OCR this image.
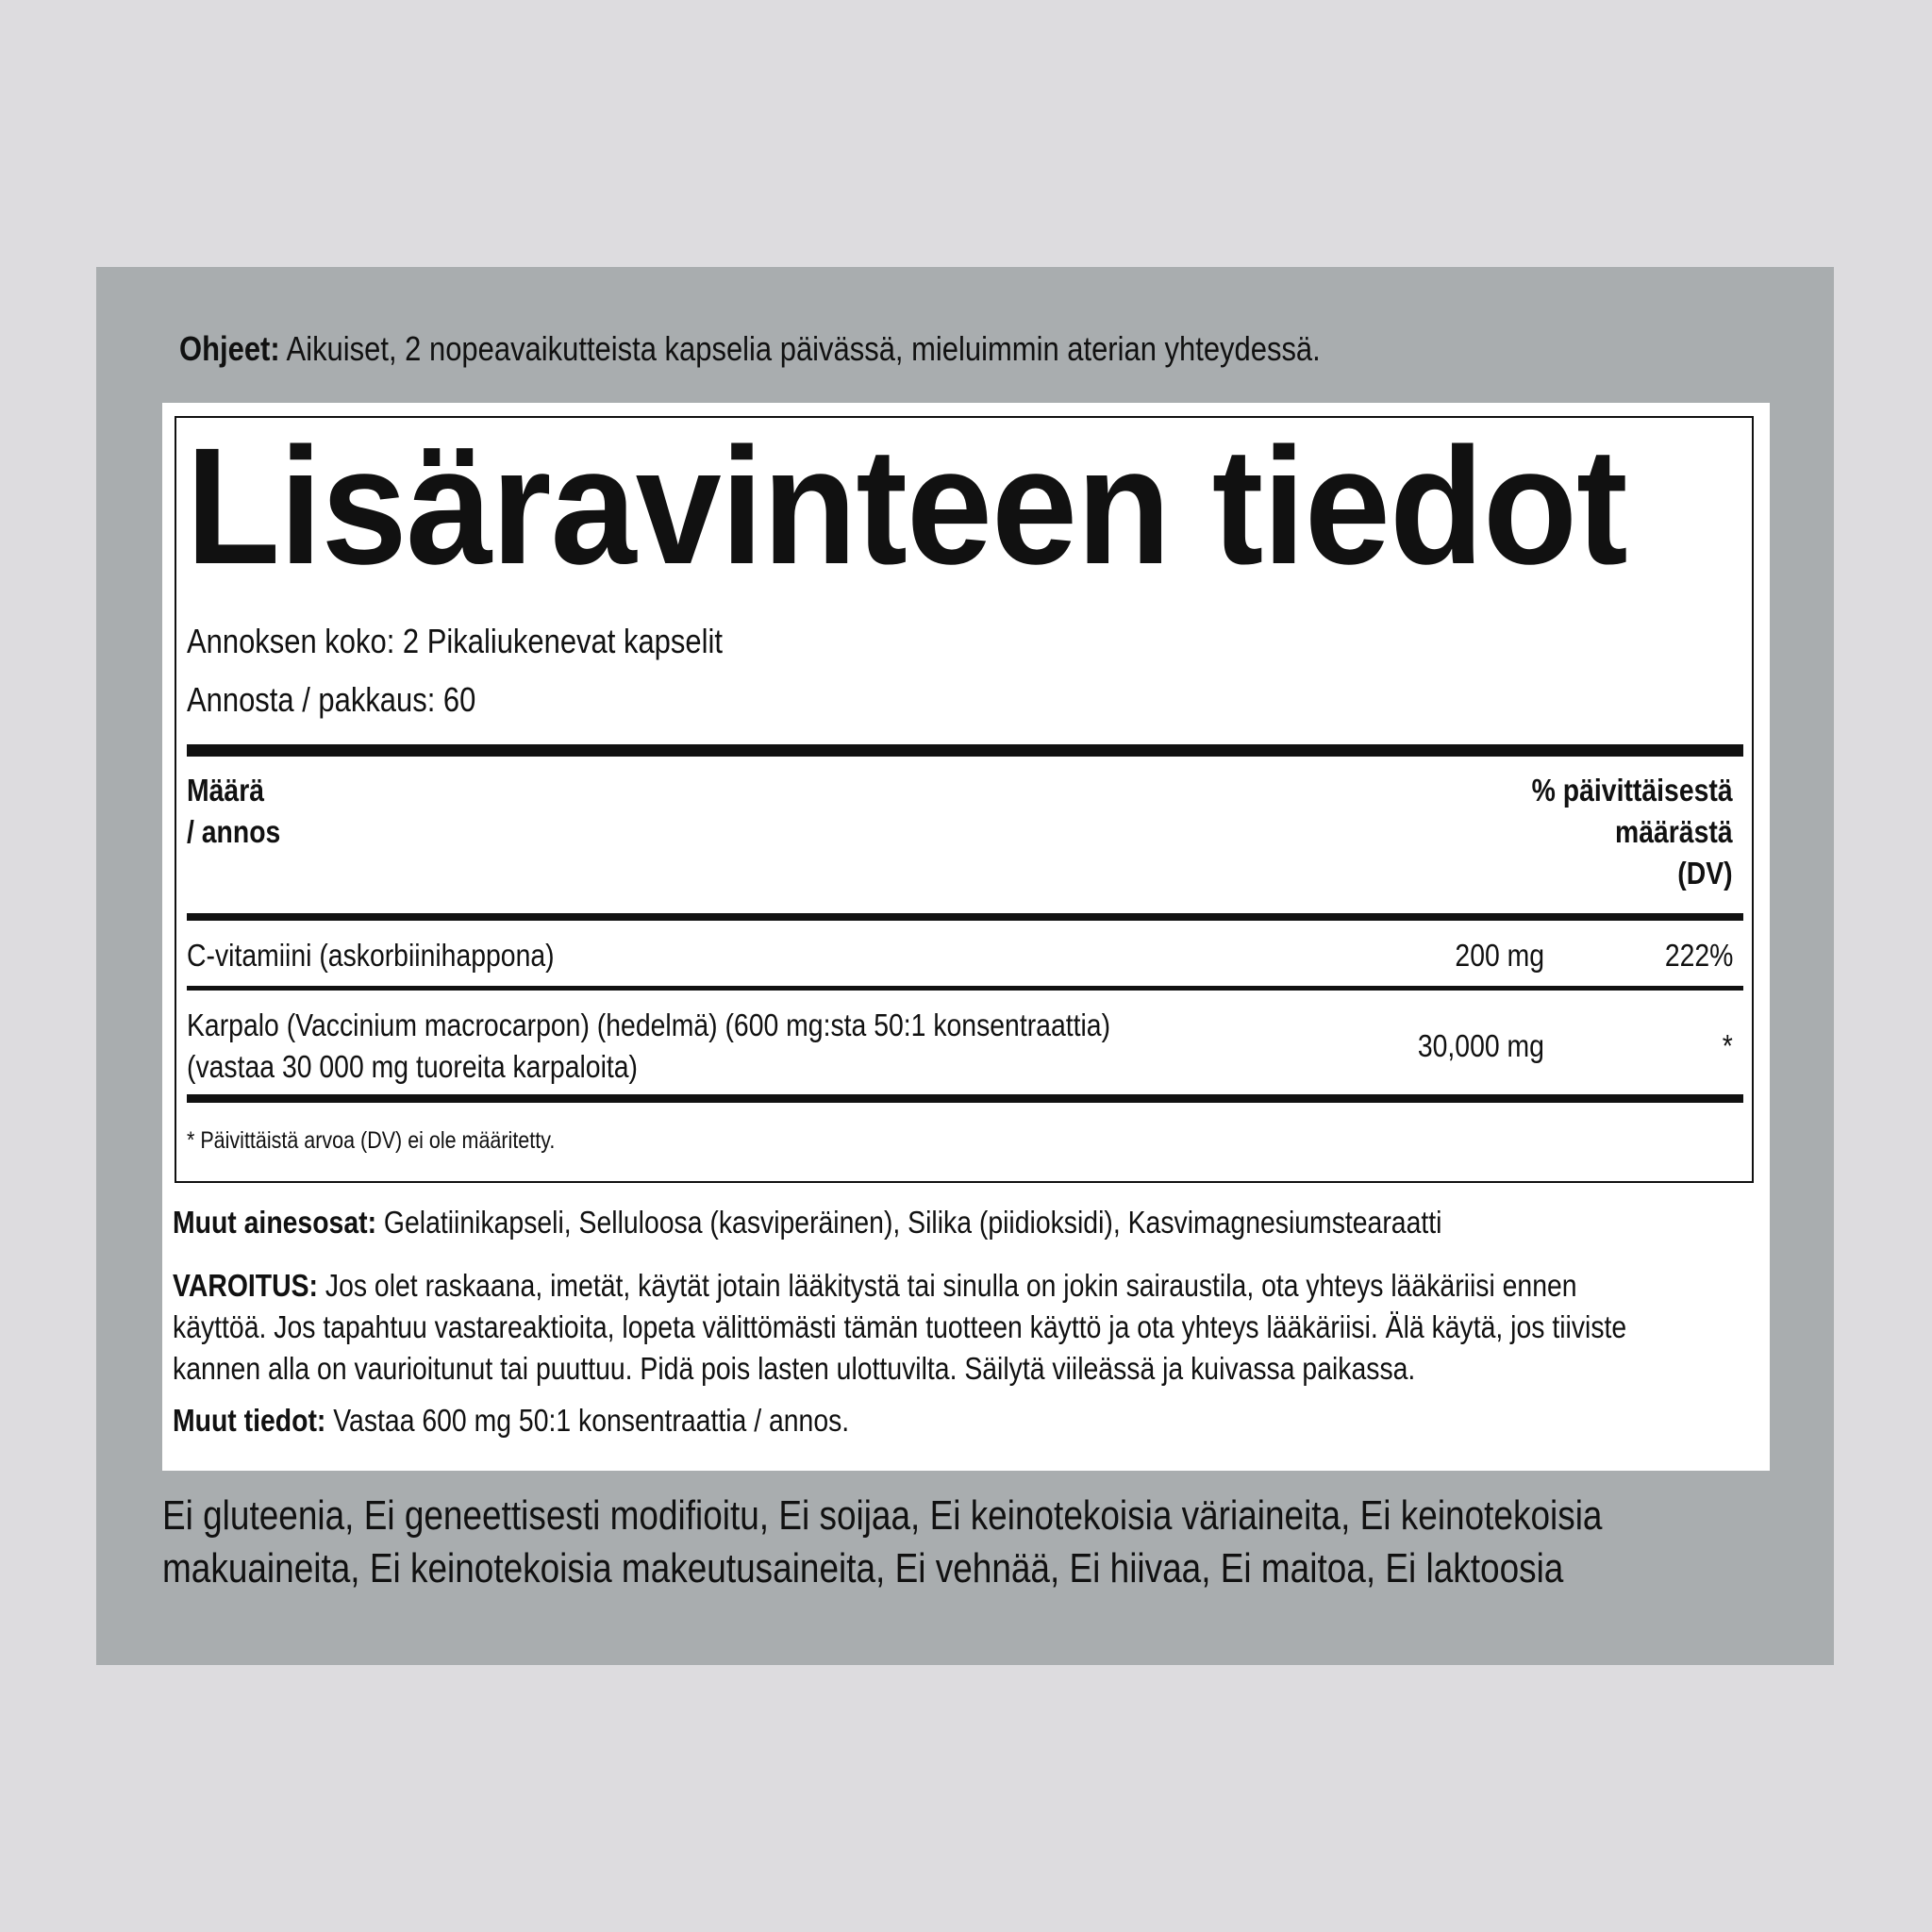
Ohjeet: Aikuiset, 2 nopeavaikutteista kapselia päivässä, mieluimmin aterian yhteydessä.
Lisäravinteen tiedot
Annoksen koko: 2 Pikaliukenevat kapselit
Annosta / pakkaus: 60
Määrä
/ annos
% päivittäisestä
määrästä
(DV)
C-vitamiini (askorbiinihappona)	200 mg	222%
Karpalo (Vaccinium macrocarpon) (hedelmä) (600 mg:sta 50:1 konsentraattia)
(vastaa 30 000 mg tuoreita karpaloita)
30,000 mg	*
* Päivittäistä arvoa (DV) ei ole määritetty.
Muut ainesosat: Gelatiinikapseli, Selluloosa (kasviperäinen), Silika (piidioksidi), Kasvimagnesiumstearaatti
VAROITUS: Jos olet raskaana, imetät, käytät jotain lääkitystä tai sinulla on jokin sairaustila, ota yhteys lääkäriisi ennen käyttöä. Jos tapahtuu vastareaktioita, lopeta välittömästi tämän tuotteen käyttö ja ota yhteys lääkäriisi. Älä käytä, jos tiiviste kannen alla on vaurioitunut tai puuttuu. Pidä pois lasten ulottuvilta. Säilytä viileässä ja kuivassa paikassa.
Muut tiedot: Vastaa 600 mg 50:1 konsentraattia / annos.
Ei gluteenia, Ei geneettisesti modifioitu, Ei soijaa, Ei keinotekoisia väriaineita, Ei keinotekoisia makuaineita, Ei keinotekoisia makeutusaineita, Ei vehnää, Ei hiivaa, Ei maitoa, Ei laktoosia
